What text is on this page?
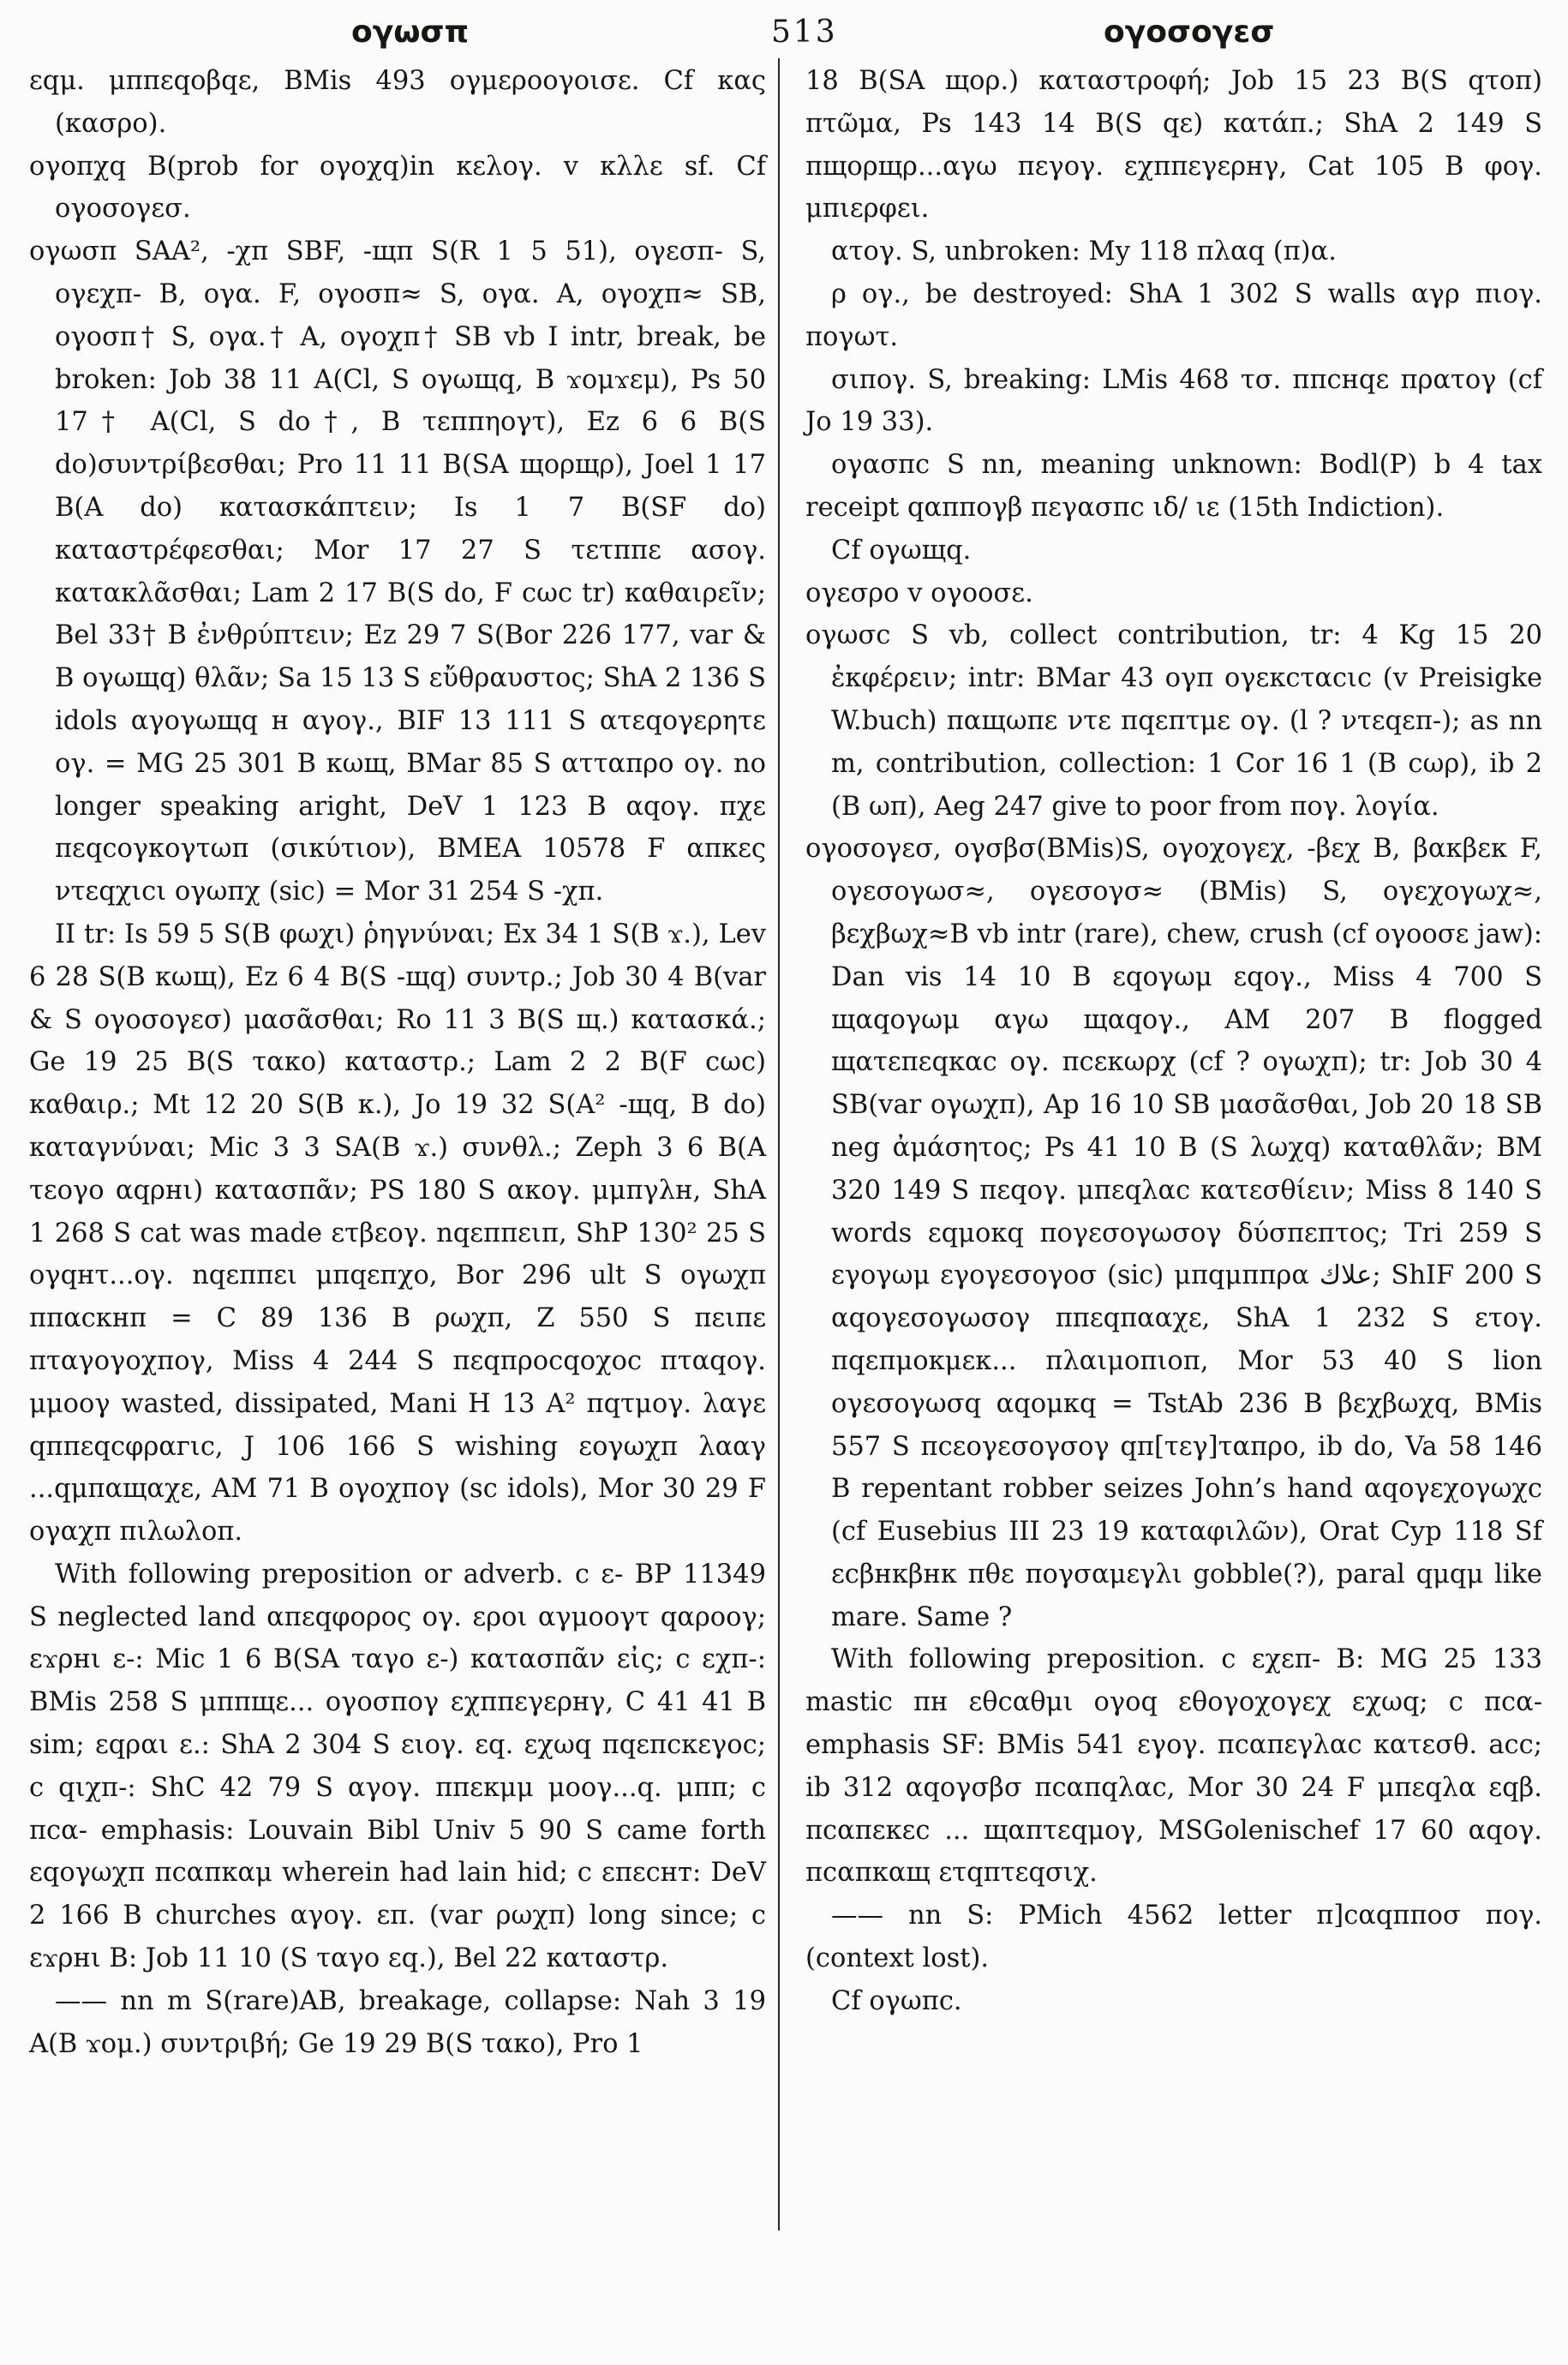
ογωσπ	513	ογοσογεσ

εqμ. μππεqοβqε, BMis 493 ογμεροογοισε. Cf κας (κασρο).

ογοπχq B(prob for ογοχq)in κελογ. v κλλε sf. Cf ογοσογεσ.

ογωσπ SAA², -χπ SBF, -щπ S(R 1 5 51), ογεσπ- S, ογεχπ- B, ογα. F, ογοσπ≈ S, ογα. A, ογοχπ≈ SB, ογοσπ† S, ογα.† A, ογοχπ† SB vb I intr, break, be broken: Job 38 11 A(Cl, S ογωщq, B ϫομϫεμ), Ps 50 17† A(Cl, S do†, B τεππηογτ), Ez 6 6 B(S do)συντρίβεσθαι; Pro 11 11 B(SA щορщρ), Joel 1 17 B(A do) κατασκάπτειν; Is 1 7 B(SF do) καταστρέφεσθαι; Mor 17 27 S τετππε ασογ. κατακλᾶσθαι; Lam 2 17 B(S do, F cωc tr) καθαιρεῖν; Bel 33† B ἐνθρύπτειν; Ez 29 7 S(Bor 226 177, var & B ογωщq) θλᾶν; Sa 15 13 S εὔθραυστος; ShA 2 136 S idols αγογωщq н αγογ., BIF 13 111 S ατεqογερητε ογ. = MG 25 301 B κωщ, BMar 85 S ατταπρο ογ. no longer speaking aright, DeV 1 123 B αqογ. πχε πεqcογκογτωπ (σικύτιον), BMEA 10578 F απκες ντεqχιcι ογωπχ (sic) = Mor 31 254 S -χπ.

II tr: Is 59 5 S(B φωχι) ῥηγνύναι; Ex 34 1 S(B ϫ.), Lev 6 28 S(B κωщ), Ez 6 4 B(S -щq) συντρ.; Job 30 4 B(var & S ογοσογεσ) μασᾶσθαι; Ro 11 3 B(S щ.) κατασκά.; Ge 19 25 B(S τακο) καταστρ.; Lam 2 2 B(F cωc) καθαιρ.; Mt 12 20 S(B κ.), Jo 19 32 S(A² -щq, B do) καταγνύναι; Mic 3 3 SA(B ϫ.) συνθλ.; Zeph 3 6 B(A τεογο αqρнι) κατασπᾶν; PS 180 S ακογ. μμπγλн, ShA 1 268 S cat was made ετβεογ. nqεππειπ, ShP 130² 25 S ογqнτ...ογ. nqεππει μπqεпχο, Bor 296 ult S ογωχπ ππαcκнπ = C 89 136 B ρωχπ, Z 550 S πειπε πταγογοχπογ, Miss 4 244 S πεqπροcqοχoc πταqογ. μμοογ wasted, dissipated, Mani H 13 A² πqτμογ. λαγε qππεqcφραгιc, J 106 166 S wishing εογωχπ λααγ ...qμπαщαχε, AM 71 B ογοχπογ (sc idols), Mor 30 29 F ογαχπ πιλωλοπ.

With following preposition or adverb. c ε- BP 11349 S neglected land απεqφορος ογ. εροι αγμοογτ qαροογ; εϫρнι ε-: Mic 1 6 B(SA ταγο ε-) κατασπᾶν εἰς; c εχπ-: BMis 258 S μππщε... ογοσπογ εχππεγερнγ, C 41 41 B sim; εqραι ε.: ShA 2 304 S ειογ. εq. εχωq πqεπcκεγοc; c qιχπ-: ShC 42 79 S αγογ. ππεκμμ μοογ...q. μππ; c πcα- emphasis: Louvain Bibl Univ 5 90 S came forth εqογωχπ πcαπκαμ wherein had lain hid; c επεcнт: DeV 2 166 B churches αγογ. επ. (var ρωχπ) long since; c εϫρнι B: Job 11 10 (S ταγο εq.), Bel 22 καταστρ.

—— nn m S(rare)AB, breakage, collapse: Nah 3 19 A(B ϫομ.) συντριβή; Ge 19 29 B(S τακο), Pro 1

18 B(SA щορ.) καταστροφή; Job 15 23 B(S qτοπ) πτῶμα, Ps 143 14 B(S qε) κατάπ.; ShA 2 149 S πщορщρ...αγω πεγογ. εχππεγερнγ, Cat 105 B φογ. μπιερφει.

ατογ. S, unbroken: My 118 πλαq (π)α.

ρ ογ., be destroyed: ShA 1 302 S walls αγρ πιογ. πογωτ.

σιπογ. S, breaking: LMis 468 τσ. ππcнqε πρατογ (cf Jo 19 33).

ογασπc S nn, meaning unknown: Bodl(P) b 4 tax receipt qαππογβ πεγασπc ιδ/ ιε (15th Indiction).

Cf ογωщq.

ογεσρο v ογοοσε.

ογωσc S vb, collect contribution, tr: 4 Kg 15 20 ἐκφέρειν; intr: BMar 43 ογπ ογεκcταcιc (v Preisigke W.buch) παщωπε ντε πqεπτμε ογ. (l ? ντεqεπ-); as nn m, contribution, collection: 1 Cor 16 1 (B cωρ), ib 2 (B ωπ), Aeg 247 give to poor from πογ. λογία.

ογοσογεσ, ογσβσ(BMis)S, ογοχογεχ, -βεχ B, βακβεκ F, ογεσογωσ≈, ογεσογσ≈ (BMis) S, ογεχογωχ≈, βεχβωχ≈B vb intr (rare), chew, crush (cf ογοοσε jaw): Dan vis 14 10 B εqογωμ εqογ., Miss 4 700 S щαqογωμ αγω щαqογ., AM 207 B flogged щατεπεqκαc ογ. πcεκωρχ (cf ? ογωχπ); tr: Job 30 4 SB(var ογωχπ), Ap 16 10 SB μασᾶσθαι, Job 20 18 SB neg ἀμάσητος; Ps 41 10 B (S λωχq) καταθλᾶν; BM 320 149 S πεqογ. μπεqλαc κατεσθίειν; Miss 8 140 S words εqμοκq πογεσογωσογ δύσπεπτος; Tri 259 S εγογωμ εγογεσογοσ (sic) μπqμππρα ﻋﻼﻙ; ShIF 200 S αqογεσογωσογ ππεqπααχε, ShA 1 232 S ετογ. πqεπμοκμεκ... πλαιμοπιοπ, Mor 53 40 S lion ογεσογωσq αqομκq = TstAb 236 B βεχβωχq, BMis 557 S πcεογεσογσογ qπ[τεγ]ταπρο, ib do, Va 58 146 B repentant robber seizes John’s hand αqογεχογωχc (cf Eusebius III 23 19 καταφιλῶν), Orat Cyp 118 Sf εcβнκβнκ πθε πογσαμεγλι gobble(?), paral qμqμ like mare. Same ?

With following preposition. c εχεπ- B: MG 25 133 mastic πн εθcαθμι ογοq εθογοχογεχ εχωq; c πcα- emphasis SF: BMis 541 εγογ. πcαπεγλαc κατεσθ. acc; ib 312 αqογσβσ πcαπqλαc, Mor 30 24 F μπεqλα εqβ. πcαπεκεc ... щαπτεqμογ, MSGolenischef 17 60 αqογ. πcαπκαщ ετqπτεqσιχ.

—— nn S: PMich 4562 letter π]cαqπποσ πογ. (context lost).

Cf ογωπc.
